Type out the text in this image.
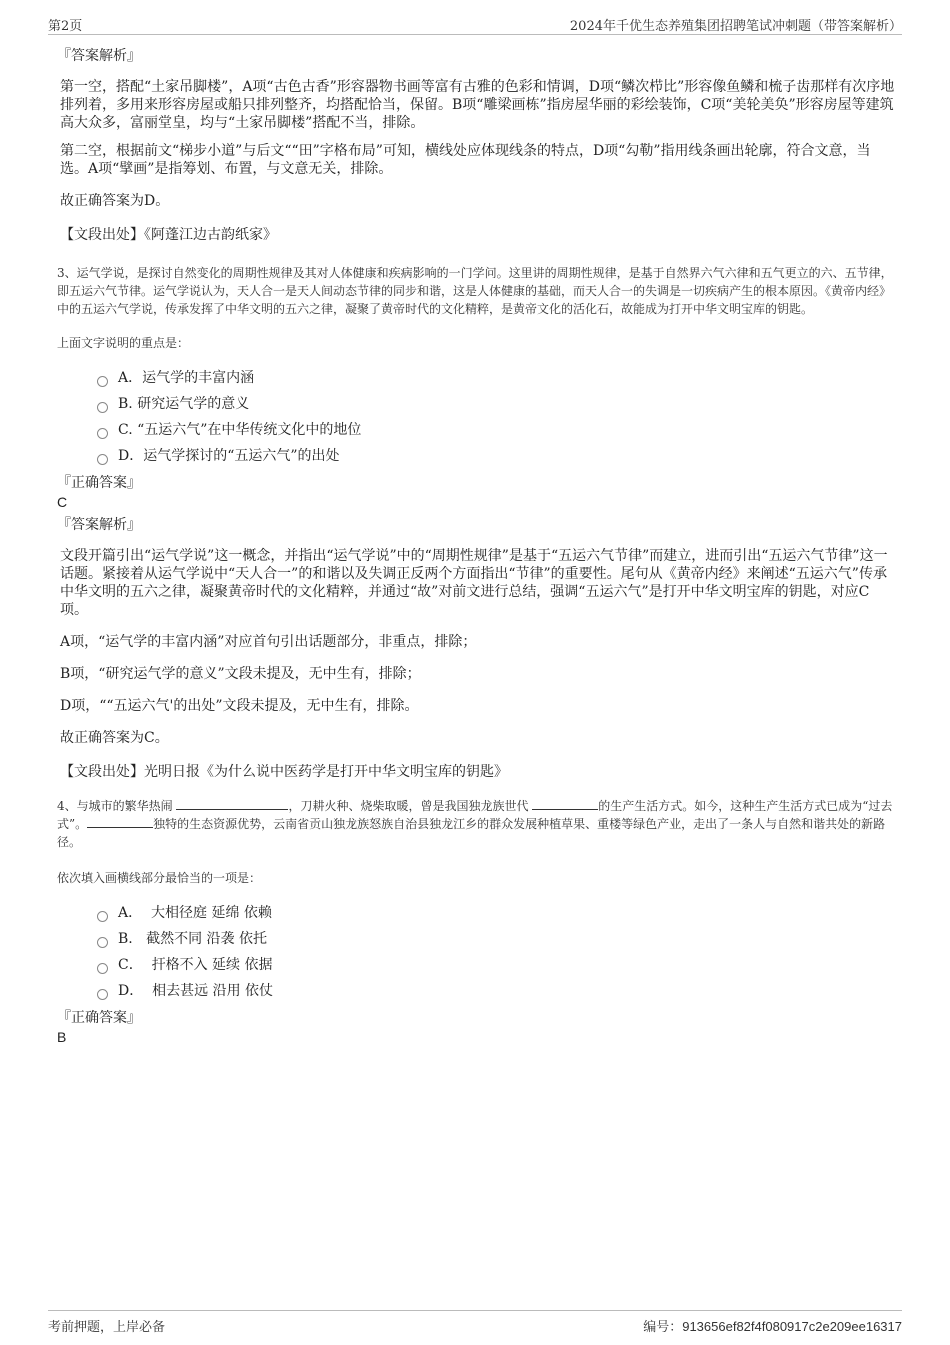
第2页	2024年千优生态养殖集团招聘笔试冲刺题（带答案解析）

『答案解析』

第一空，搭配“土家吊脚楼”，A项“古色古香”形容器物书画等富有古雅的色彩和情调，D项“鳞次栉比”形容像鱼鳞和梳子齿那样有次序地排列着，多用来形容房屋或船只排列整齐，均搭配恰当，保留。B项“雕梁画栋”指房屋华丽的彩绘装饰，C项“美轮美奂”形容房屋等建筑高大众多，富丽堂皇，均与“土家吊脚楼”搭配不当，排除。

第二空，根据前文“梯步小道”与后文““田”字格布局”可知，横线处应体现线条的特点，D项“勾勒”指用线条画出轮廓，符合文意，当选。A项“擘画”是指筹划、布置，与文意无关，排除。

故正确答案为D。

【文段出处】《阿蓬江边古韵纸家》

3、运气学说，是探讨自然变化的周期性规律及其对人体健康和疾病影响的一门学问。这里讲的周期性规律，是基于自然界六气六律和五气更立的六、五节律，即五运六气节律。运气学说认为，天人合一是天人间动态节律的同步和谐，这是人体健康的基础，而天人合一的失调是一切疾病产生的根本原因。《黄帝内经》中的五运六气学说，传承发挥了中华文明的五六之律，凝聚了黄帝时代的文化精粹，是黄帝文化的活化石，故能成为打开中华文明宝库的钥匙。

上面文字说明的重点是：

A．运气学的丰富内涵
B. 研究运气学的意义
C. “五运六气”在中华传统文化中的地位
D．运气学探讨的“五运六气”的出处

『正确答案』

C

『答案解析』

文段开篇引出“运气学说”这一概念，并指出“运气学说”中的“周期性规律”是基于“五运六气节律”而建立，进而引出“五运六气节律”这一话题。紧接着从运气学说中“天人合一”的和谐以及失调正反两个方面指出“节律”的重要性。尾句从《黄帝内经》来阐述“五运六气”传承中华文明的五六之律，凝聚黄帝时代的文化精粹，并通过“故”对前文进行总结，强调“五运六气”是打开中华文明宝库的钥匙，对应C项。

A项，“运气学的丰富内涵”对应首句引出话题部分，非重点，排除；

B项，“研究运气学的意义”文段未提及，无中生有，排除；

D项，““五运六气'的出处”文段未提及，无中生有，排除。

故正确答案为C。

【文段出处】光明日报《为什么说中医药学是打开中华文明宝库的钥匙》

4、与城市的繁华热闹	，刀耕火种、烧柴取暖，曾是我国独龙族世代	的生产生活方式。如今，这种生产生活方式已成为“过去式”。	独特的生态资源优势，云南省贡山独龙族怒族自治县独龙江乡的群众发展种植草果、重楼等绿色产业，走出了一条人与自然和谐共处的新路径。

依次填入画横线部分最恰当的一项是：

A．  大相径庭 延绵 依赖
B.   截然不同 沿袭 依托
C．  扞格不入 延续 依据
D．  相去甚远 沿用 依仗

『正确答案』

B

考前押题，上岸必备	编号：913656ef82f4f080917c2e209ee16317
